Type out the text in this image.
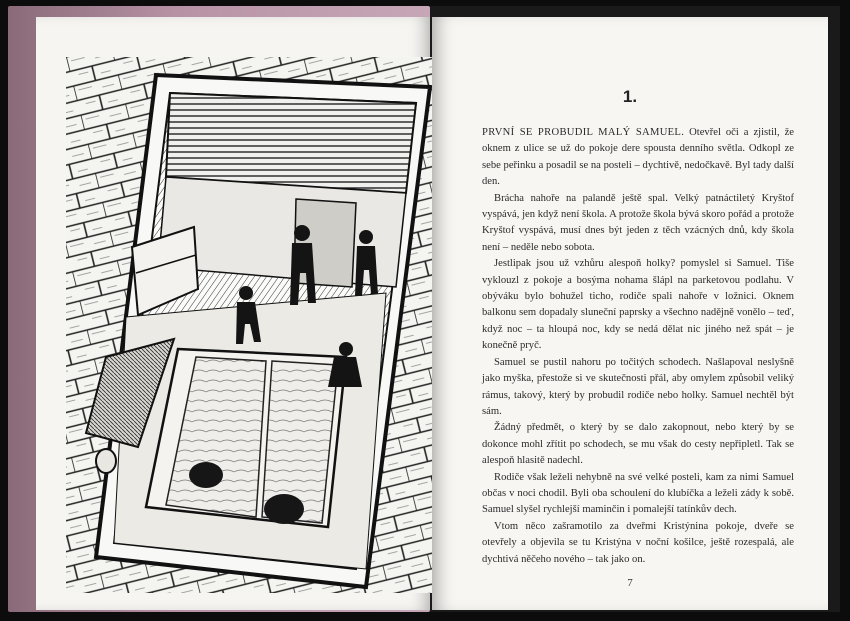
1.

PRVNÍ SE PROBUDIL MALÝ SAMUEL. Otevřel oči a zjistil, že oknem z ulice se už do pokoje dere spousta denního světla. Odkopl ze sebe peřinku a posadil se na posteli – dychtivě, nedočkavě. Byl tady další den.

Brácha nahoře na palandě ještě spal. Velký patnáctiletý Kryštof vyspává, jen když není škola. A protože škola bývá skoro pořád a protože Kryštof vyspává, musí dnes být jeden z těch vzácných dnů, kdy škola není – neděle nebo sobota.

Jestlipak jsou už vzhůru alespoň holky? pomyslel si Samuel. Tiše vyklouzl z pokoje a bosýma nohama šlápl na parketovou podlahu. V obýváku bylo bohužel ticho, rodiče spali nahoře v ložnici. Oknem balkonu sem dopadaly sluneční paprsky a všechno nadějně vonělo – teď, když noc – ta hloupá noc, kdy se nedá dělat nic jiného než spát – je konečně pryč.

Samuel se pustil nahoru po točitých schodech. Našlapoval neslyšně jako myška, přestože si ve skutečnosti přál, aby omylem způsobil veliký rámus, takový, který by probudil rodiče nebo holky. Samuel nechtěl být sám.

Žádný předmět, o který by se dalo zakopnout, nebo který by se dokonce mohl zřítit po schodech, se mu však do cesty nepřipletl. Tak se alespoň hlasitě nadechl.

Rodiče však leželi nehybně na své velké posteli, kam za nimi Samuel občas v noci chodil. Byli oba schoulení do klubíčka a leželi zády k sobě. Samuel slyšel rychlejší maminčin i pomalejší tatínkův dech.

Vtom něco zašramotilo za dveřmi Kristýnina pokoje, dveře se otevřely a objevila se tu Kristýna v noční košilce, ještě rozespalá, ale dychtivá něčeho nového – tak jako on.

7
